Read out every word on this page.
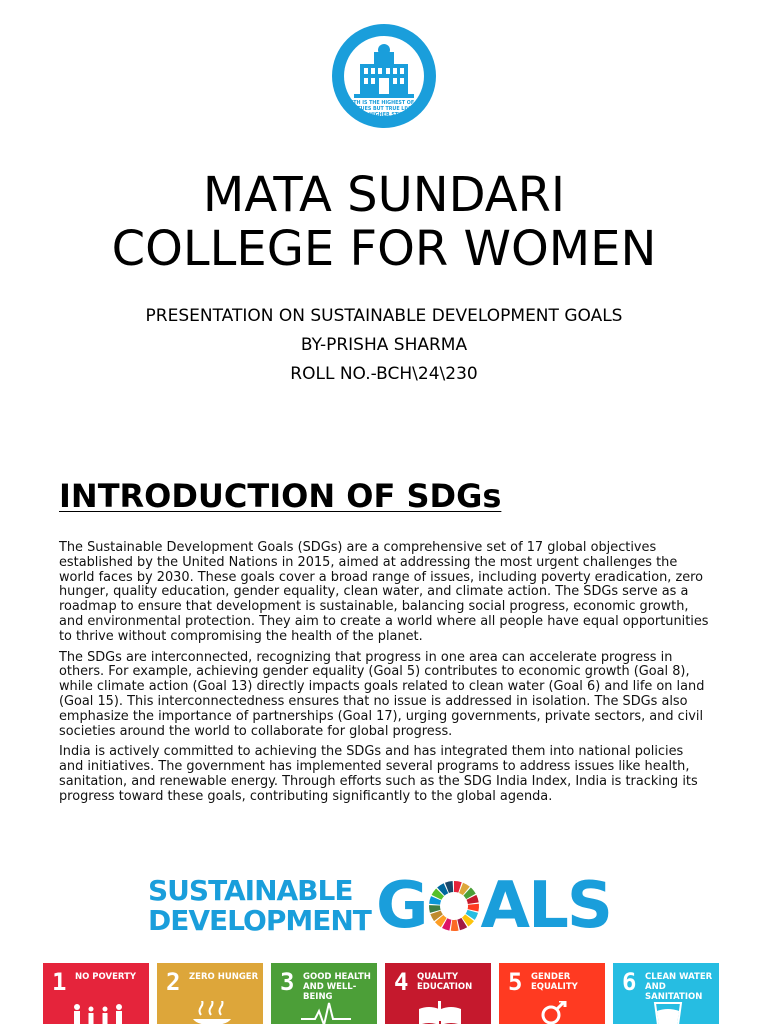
TRUTH IS THE HIGHEST OF ALL
VIRTUES BUT TRUE LIVING
IS HIGHER STILL
MATA SUNDARI
COLLEGE FOR WOMEN
PRESENTATION ON SUSTAINABLE DEVELOPMENT GOALS
BY-PRISHA SHARMA
ROLL NO.-BCH\24\230
INTRODUCTION OF SDGs

The Sustainable Development Goals (SDGs) are a comprehensive set of 17 global objectives established by the United Nations in 2015, aimed at addressing the most urgent challenges the world faces by 2030. These goals cover a broad range of issues, including poverty eradication, zero hunger, quality education, gender equality, clean water, and climate action. The SDGs serve as a roadmap to ensure that development is sustainable, balancing social progress, economic growth, and environmental protection. They aim to create a world where all people have equal opportunities to thrive without compromising the health of the planet.

The SDGs are interconnected, recognizing that progress in one area can accelerate progress in others. For example, achieving gender equality (Goal 5) contributes to economic growth (Goal 8), while climate action (Goal 13) directly impacts goals related to clean water (Goal 6) and life on land (Goal 15). This interconnectedness ensures that no issue is addressed in isolation. The SDGs also emphasize the importance of partnerships (Goal 17), urging governments, private sectors, and civil societies around the world to collaborate for global progress.

India is actively committed to achieving the SDGs and has integrated them into national policies and initiatives. The government has implemented several programs to address issues like health, sanitation, and renewable energy. Through efforts such as the SDG India Index, India is tracking its progress toward these goals, contributing significantly to the global agenda.

SUSTAINABLE
DEVELOPMENT G ALS
1 NO POVERTY	2 ZERO HUNGER 3 GOOD HEALTH AND WELL-BEING
4 QUALITY EDUCATION	5 GENDER EQUALITY	6 CLEAN WATER AND SANITATION
